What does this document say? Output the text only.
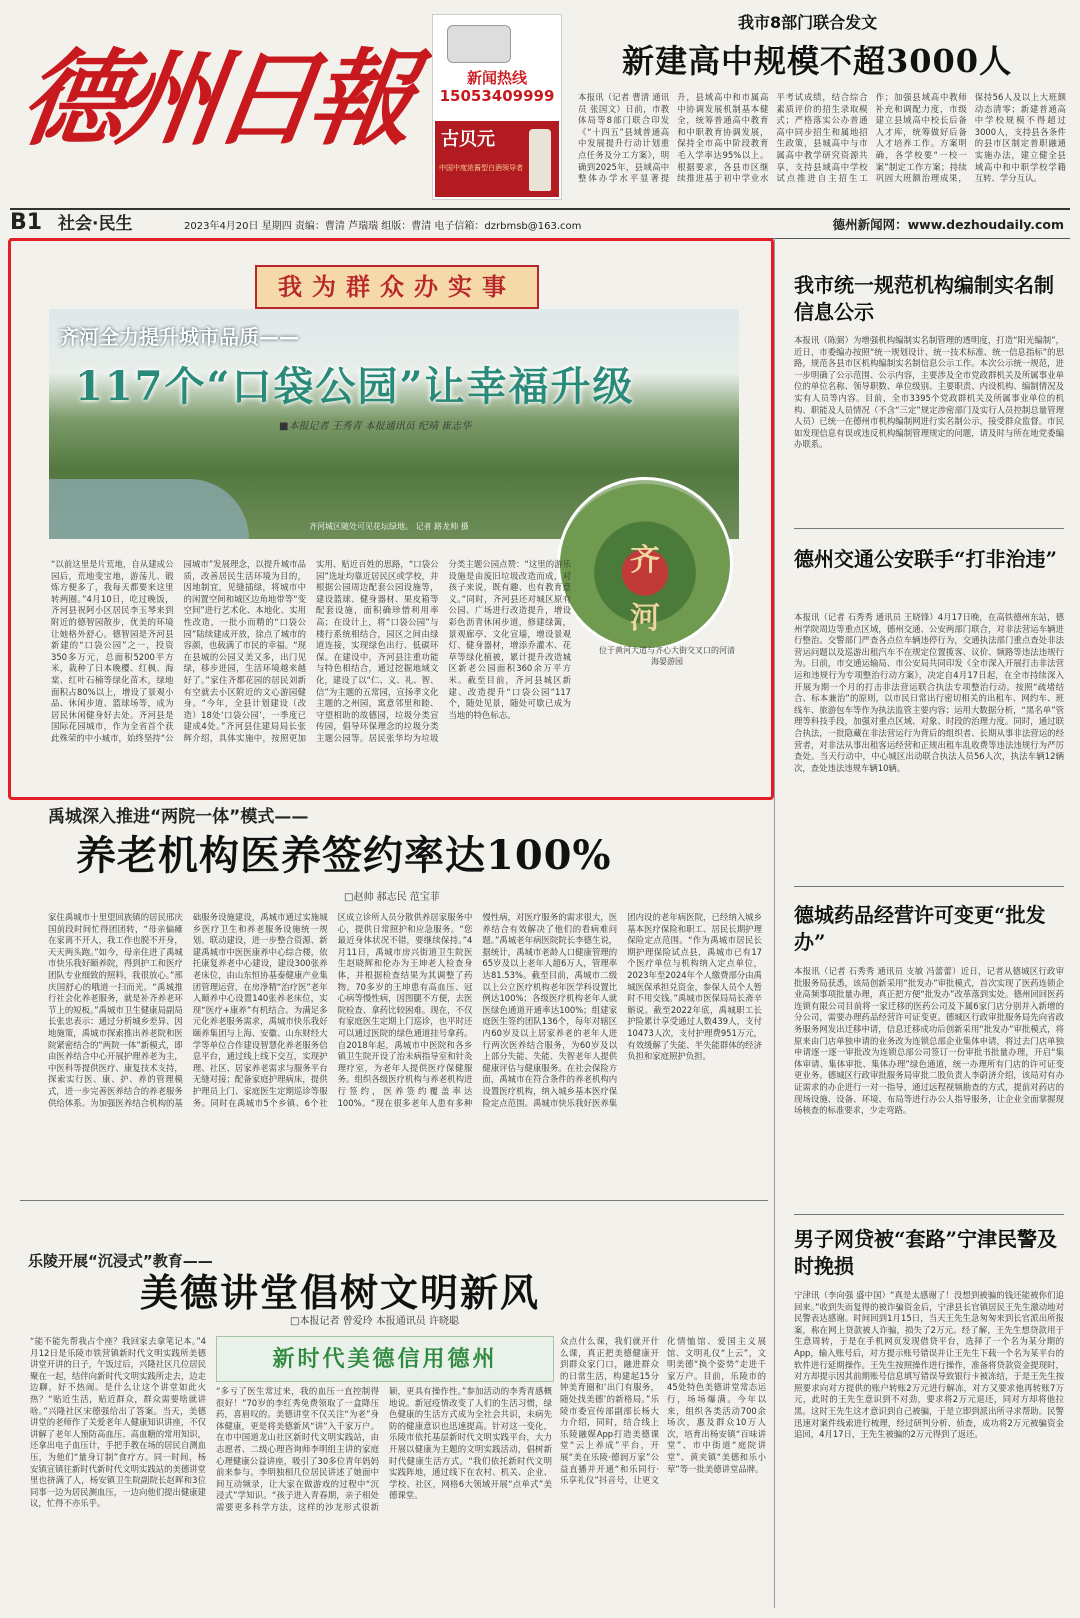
德州日報	新闻热线
15053409999
古贝元
中国中度浓酱型白酒领导者
我市8部门联合发文
新建高中规模不超3000人
本报讯（记者 曹清 通讯员 张国文）日前，市教体局等8部门联合印发《“十四五”县域普通高中发展提升行动计划重点任务及分工方案》，明确到2025年，县域高中整体办学水平显著提升，县域高中和市属高中协调发展机制基本健全，统筹普通高中教育和中职教育协调发展，保持全市高中阶段教育毛入学率达95%以上。根据要求，各县市区继续推进基于初中学业水平考试成绩，结合综合素质评价的招生录取模式；严格落实公办普通高中同步招生和属地招生政策，县城高中与市属高中教学研究资源共享，支持县域高中学校试点推进自主招生工作；加强县域高中教师补充和调配力度，市级建立县域高中校长后备人才库，统筹做好后备人才培养工作。方案明确，各学校要“一校一案”制定工作方案；持续巩固大班额治理成果，保持56人及以上大班额动态清零；新建普通高中学校规模不得超过3000人，支持县各条件的县市区制定普职融通实施办法，建立健全县域高中和中职学校学籍互转、学分互认。
B1 社会·民生	2023年4月20日 星期四 责编：曹清 芦瑞瑞 组版：曹清 电子信箱：dzrbmsb@163.com	德州新闻网：www.dezhoudaily.com
我为群众办实事
齐河全力提升城市品质——
117个“口袋公园”让幸福升级
■本报记者 王秀青 本报通讯员 纪靖 崔志华
齐河城区随处可见花坛绿地。 记者 路龙帅 摄
齐河
位于黄河大道与齐心大街交叉口的河清海晏游园
“以前这里是片荒地，自从建成公园后，荒地变宝地，游荡儿、锻炼方便多了，我每天都要来这里转两圈。”4月10日，吃过晚饭，齐河县祝阿小区居民李玉琴来到附近的德智园散步，优美的环境让她格外舒心。德智园是齐河县新建的“口袋公园”之一，投资350多万元，总面积5200平方米，栽种了日本晚樱、红枫、海棠、红叶石楠等绿化苗木，绿地面积占80%以上，增设了景观小品、休闲步道、篮球场等，成为居民休闲健身好去处。齐河县是国际花园城市，作为全省首个获此殊荣的中小城市，始终坚持“公园城市”发展理念，以提升城市品质，改善居民生活环境为目的，因地制宜，见缝插绿，将城市中的闲置空间和城区边角地带等“变空间”进行艺术化、本地化、实用性改造，一批小而精的“口袋公园”陆续建成开放，徐点了城市的容颜，也载满了市民的幸福。“现在县城的公园又美又多，出门见绿，移步进园，生活环境越来越好了。”家住齐都花园的居民刘新有空就去小区附近的文心游园健身。“今年，全县计划建设（改造）18处‘口袋公园’，一季度已建成4处。”齐河县住建局局长张辉介绍，具体实施中，按照更加实用、贴近百姓的思路，“口袋公园”选址均靠近居民区或学校，并根据公园周边配套公园设施等，建设篮球、健身器材、果皮箱等配套设施，面积确珍惜利用率高；在设计上，将“口袋公园”与楼行系统相结合，园区之间由绿道连接，实现绿色出行、低碳环保。在建设中，齐河县注重功能与特色相结合，通过挖掘地域文化，建设了以“仁、义、礼、智、信”为主题的五常园，宣扬孝文化主题的之州园，寓意邻里和睦、守望相助的故德园，垃圾分类宣传园，倡导环保理念的垃圾分类主题公园等。居民张华均为垃圾分类主题公园点赞：“这里的游乐设施是由废旧垃圾改造而成，对孩子来说，既有趣、也有教育意义。”同时，齐河县还对城区原有公园、广场进行改造提升，增设彩色沥青休闲步道，修建绿篱，景观廊亭、文化宣墙，增设景观灯、健身器材，增添乔灌木、花草等绿化植被，累计提升改造城区新老公园面积360余万平方米。截至目前，齐河县城区新建、改造提升“口袋公园”117个，随处见景，随处可歇已成为当地的特色标志。
我市统一规范机构编制实名制信息公示
本报讯（陈弼）为增强机构编制实名制管理的透明度，打造“阳光编制”，近日，市委编办按照“统一规划设计、统一技术标准、统一信息指标”的思路，规范各县市区机构编制实名制信息公示工作。本次公示统一规范，进一步明确了公示范围、公示内容，主要涉及全市党政群机关及所属事业单位的单位名称、领导职数、单位级别、主要职责、内设机构、编制情况及实有人员等内容。目前，全市3395个党政群机关及所属事业单位的机构、职能及人员情况（不含“三定”规定涉密部门及实行人员控制总量管理人员）已统一在德州市机构编制网进行实名制公示，接受群众监督。市民如发现信息有误或违反机构编制管理规定的问题，请及时与所在地党委编办联系。
德州交通公安联手“打非治违”
本报讯（记者 石秀秀 通讯员 王晓锋）4月17日晚，在高铁德州东站，德州学院周边等重点区域，德州交通、公安两部门联合，对非法营运车辆进行整治。交警部门严查各点位车辆违停行为，交通执法部门重点查处非法营运问题以及巡游出租汽车不在规定位置揽客、议价、频路等违法违规行为。日前，市交通运输局、市公安局共同印发《全市深入开展打击非法营运和违规行为专项整治行动方案》，决定自4月17日起，在全市持续深入开展为期一个月的打击非法营运联合执法专项整治行动。按照“疏堵结合、标本兼治”的原则，以市民日常出行密切相关的出租车、网约车、班线车、旅游包车等作为执法监管主要内容；运用大数据分析，“黑名单”管理等科技手段，加强对重点区域、对象、时段的治理力度。同时，通过联合执法，一批隐藏在非法营运行为背后的组织者、长期从事非法营运的经营者，对非法从事出租客运经营和正规出租车乱收费等违法违规行为严厉查处。当天行动中，中心城区出动联合执法人员56人次，执法车辆12辆次，查处违法违规车辆10辆。
德城药品经营许可变更“批发办”
本报讯（记者 石秀秀 通讯员 支敏 冯蕾蕾）近日，记者从德城区行政审批服务局获悉，该局创新采用“批发办”审批模式，首次实现了医药连锁企业高频事项批量办理，真正把方便“批发办”改革落到实处。德州回回医药连锁有限公司目前将一家迁移的医药公司及下属6家门店分别并入新增的分公司，需要办理药品经营许可证变更。德城区行政审批服务局先向省政务服务网发出迁移申请，信息迁移成功后创新采用“批发办”审批模式，将原来由门店单独申请的业务改为连锁总部企业集体申请，将过去门店单独申请逐一逐一审批改为连锁总部公司签订一份审批书批量办理，开启“集体审请、集体审批、集体办理”绿色通道，统一办理所有门店的许可证变更业务。德城区行政审批服务局审批二股负责人李蔚济介绍，该局对有办证需求的办企进行一对一指导，通过远程视频勘查的方式，提前对药店的现场设施、设备、环境、布局等进行办公人指导服务，让企业全面掌握现场核查的标准要求，少走弯路。
男子网贷被“套路”宁津民警及时挽损
宁津讯（李向强 盛中国）“真是太感谢了！没想到被骗的钱还能被你们追回来。”收到失而复得的被诈骗资金后，宁津县长官镇居民王先生激动地对民警表达感谢。时间回到1月15日，当天王先生急匆匆来到长官派出所报案，称在网上贷款被人诈骗，损失了2万元。经了解，王先生想贷款用于生意周转，于是在手机网页发现借贷平台，选择了一个名为某分期的App，输入账号后，对方提示账号错误并让王先生下载一个名为某平台的软件进行延期操作。王先生按照操作进行操作，准备将贷款资金提现时，对方却提示因其前期账号信息填写错误导致银行卡被冻结，于是王先生按照要求向对方提供的账户转账2万元进行解冻，对方又要求他再转账7万元，此时的王先生意识到不对劲，要求将2万元退还，同对方却将他拉黑。这时王先生这才意识到自己被骗，于是立即到派出所寻求帮助。民警迅速对案件线索进行梳理，经过研判分析、侦查，成功将2万元被骗资金追回，4月17日，王先生被骗的2万元得到了返还。
禹城深入推进“两院一体”模式——
养老机构医养签约率达100%
□赵帅 郝志民 范宝菲
家住禹城市十里望回族镇的居民邢庆国前段时间忙得团团转，“母亲偏瘫在家离不开人，我工作也脱不开身，天天两头跑。”如今，母亲住进了禹城市快乐我好颐养院，得到护工和医疗团队专业细致的照料，我很放心。”邢庆国舒心的哦道一扫而光。“禹城推行社会化养老服务，就是补齐养老环节上的短板。”禹城市卫生健康局副局长张忠表示：通过分析城乡差异、因地施策，禹城市探索推出养老院和医院紧密结合的“两院一体”新模式，即由医养结合中心开展护理养老为主，中医科等提供医疗、康复技术支持，探索实行医、康、护、养的管理模式，进一步完善医养结合的养老服务供给体系。为加强医养结合机构的基础服务设施建设，禹城市通过实施城乡医疗卫生和养老服务设施统一规划、联动建设，进一步整合资源、新建禹城市中医医康养中心综合楼，依托康复养老中心建设，建设300张养老床位，由山东恒协基泰健康产业集团管理运营，在房净精“治疗医”老年人颐养中心设置140张养老床位，实现“医疗+康养”有机结合。为满足多元化养老服务需求，禹城市快乐我好颐养集团与上海、安徽、山东财经大学等单位合作建设智慧化养老服务信息平台，通过线上线下交互，实现护理、社区、居家养老需求与服务平台无缝对接；配备家庭护理病床，提供护理员上门、家庭医生定期巡诊等服务。同时在禹城市5个乡镇、6个社区成立诊所人员分散供养居家服务中心，提供日常照护和应急服务。“您最近身体状况不错，要继续保持。”4月11日，禹城市房兴街道卫生院医生赵晓辉和伦办为王坤老人检查身体，并根据检查结果为其调整了药物。70多岁的王坤患有高血压、冠心病等慢性病，因图腿不方便，去医院检查、拿药比较困难。现在，不仅有家庭医生定期上门巡诊，也平时还可以通过医院的绿色通道挂号拿药。自2018年起，禹城市中医院和各乡镇卫生院开设了治未病指导室和针灸理疗室，为老年人提供医疗保健服务。组织各级医疗机构与养老机构进行签约，医养签约覆盖率达100%。“现在很多老年人患有多种慢性病，对医疗服务的需求很大，医养结合有效解决了他们的看病难问题。”禹城老年病医院院长李德生说，据统计，禹城市老龄人口健康管理的65岁及以上老年人超6万人，管理率达81.53%。截至目前，禹城市二级以上公立医疗机构老年医学科设置比例达100%；各级医疗机构老年人就医绿色通道开通率达100%；组建家庭医生签约团队136个，每年对辖区内60岁及以上居家养老的老年人进行两次医养结合服务，为60岁及以上部分失能、失能、失智老年人提供健康评估与健康服务。在社会保险方面，禹城市在符合条件的养老机构内设置医疗机构，纳入城乡基本医疗保险定点范围。禹城市快乐我好医养集团内设的老年病医院，已经纳入城乡基本医疗保险和职工、居民长期护理保险定点范围。“作为禹城市居民长期护理保险试点县，禹城市已有17个医疗单位与机构纳入定点单位，2023年至2024年个人缴费部分由禹城医保承担兑资金，参保人员个人暂时不用交钱。”禹城市医保局局长斋辛斛说。截至2022年底，禹城职工长护险累计享受通过人数439人，支付10473人次，支付护理费951万元，有效缓解了失能、半失能群体的经济负担和家庭照护负担。
乐陵开展“沉浸式”教育——
美德讲堂倡树文明新风
□本报记者 曾爱玲 本报通讯员 许晓聪
“能不能先帮我占个座？我回家去拿笔记本。”4月12日是乐陵市铁营镇新时代文明实践所美德讲堂开讲的日子，午饭过后，兴隆社区几位居民聚在一起，结伴向新时代文明实践所走去，边走边聊，好不热闹。是什么让这个讲堂如此火热？“贴近生活，贴近群众，群众需要啥就讲啥。”兴隆社区宋德强给出了答案。当天，美德讲堂的老师作了关爱老年人健康知识讲座，不仅讲解了老年人预防高血压、高血糖的常用知识，还拿出电子血压计，手把手教在场的居民自测血压，为他们“量身订制”食疗方。同一时间，杨安镇宣镇往新时代新时代文明实践站的美德讲堂里也挤满了人，杨安镇卫生院副院长赵晖和3位同事一边为居民测血压，一边向他们提出健康建议，忙得不亦乐乎。
新时代美德信用德州
“多亏了医生常过来，我的血压一直控制得很好！”70岁的李红秀免费领取了一盒降压药，喜眉叹的。美德讲堂不仅关注“为老”身体健康，更是将美德新风“讲”入千家万户。在市中国道龙山社区新时代文明实践站，由志愿者、二级心理咨询师李明组主讲的家庭心理健康公益讲座，吸引了30多位青年妈妈前来参与。李明独相几位居民讲述了她面中间互动频录，让大家在做游戏的过程中“沉浸式”学知识。“孩子进入青春期，亲子相处需要更多科学方法，这样的沙龙形式很新颖，更具有操作性。”参加活动的李秀青感概地说。新冠疫情改变了人们的生活习惯，绿色健康的生活方式成为全社会共识，未病先防的健康意识也迅速提高。针对这一变化，乐陵市依托基层新时代文明实践平台，大力开展以健康为主题的文明实践活动，倡树新时代健康生活方式。“我们依托新时代文明实践阵地，通过线下在农村、机关、企业、学校、社区，网格6大领域开展“点单式”美德课堂。
众点什么课，我们就开什么课，真正把美德健康开到群众家门口，融进群众的日常生活，构建起15分钟美育圈和’出门有服务，随处找美德’的新格局。”乐陵市委宣传部副部长杨大力介绍，同时，结合线上乐陵融媒App打造美德课堂“云上养成”平台，开展“美在乐陵·德润万家”公益直播并开通“和乐同行·乐享礼仪”抖音号，让更文化情恤馆、爱国主义展馆、文明礼仪“上云”，文明美德“换个姿势”走进千家万户。目前，乐陵市的45处特色美德讲堂常态运行，场场爆满。今年以来，组织各类活动700余场次，惠及群众10万人次，培育出杨安镇“百味讲堂”、市中街道“庭院讲堂”、黄夹镇“美德和乐小荤”等一批美德讲堂品牌。
